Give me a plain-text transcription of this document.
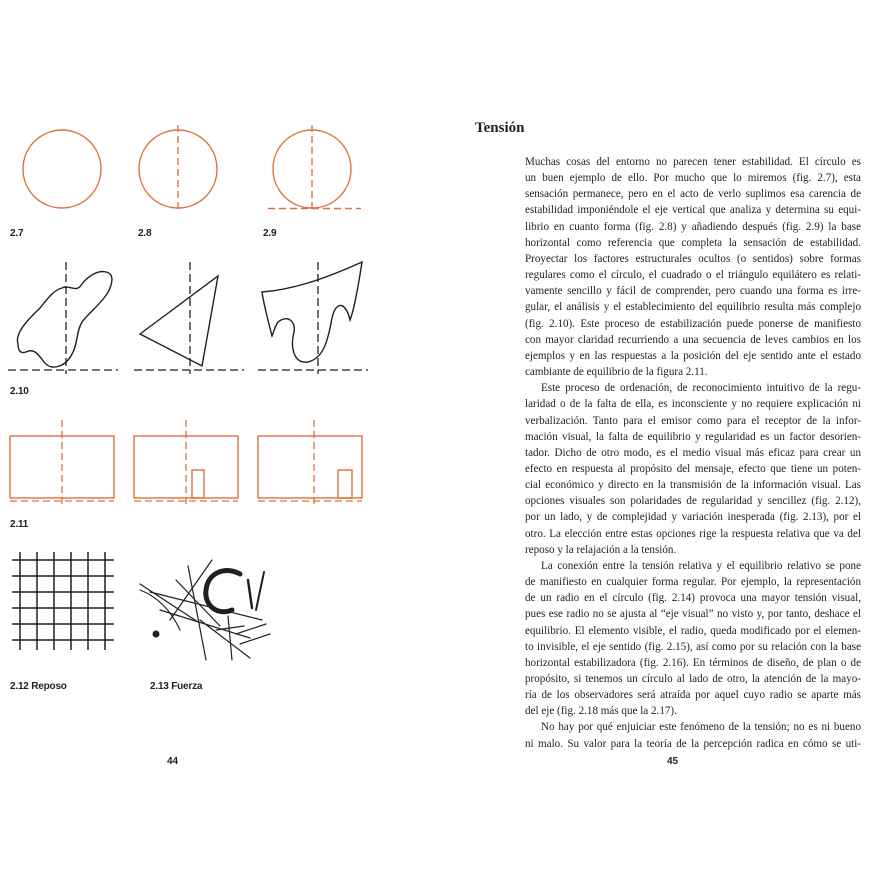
2.7	2.8	2.9
2.10
2.11
2.12 Reposo	2.13 Fuerza
44
Tensión
Muchas cosas del entorno no parecen tener estabilidad. El círculo es
un buen ejemplo de ello. Por mucho que lo miremos (fig. 2.7), esta
sensación permanece, pero en el acto de verlo suplimos esa carencia de
estabilidad imponiéndole el eje vertical que analiza y determina su equi-
librio en cuanto forma (fig. 2.8) y añadiendo después (fig. 2.9) la base
horizontal como referencia que completa la sensación de estabilidad.
Proyectar los factores estructurales ocultos (o sentidos) sobre formas
regulares como el círculo, el cuadrado o el triángulo equilátero es relati-
vamente sencillo y fácil de comprender, pero cuando una forma es irre-
gular, el análisis y el establecimiento del equilibrio resulta más complejo
(fig. 2.10). Este proceso de estabilización puede ponerse de manifiesto
con mayor claridad recurriendo a una secuencia de leves cambios en los
ejemplos y en las respuestas a la posición del eje sentido ante el estado
cambiante de equilibrio de la figura 2.11.
Este proceso de ordenación, de reconocimiento intuitivo de la regu-
laridad o de la falta de ella, es inconsciente y no requiere explicación ni
verbalización. Tanto para el emisor como para el receptor de la infor-
mación visual, la falta de equilibrio y regularidad es un factor desorien-
tador. Dicho de otro modo, es el medio visual más eficaz para crear un
efecto en respuesta al propósito del mensaje, efecto que tiene un poten-
cial económico y directo en la transmisión de la información visual. Las
opciones visuales son polaridades de regularidad y sencillez (fig. 2.12),
por un lado, y de complejidad y variación inesperada (fig. 2.13), por el
otro. La elección entre estas opciones rige la respuesta relativa que va del
reposo y la relajación a la tensión.
La conexión entre la tensión relativa y el equilibrio relativo se pone
de manifiesto en cualquier forma regular. Por ejemplo, la representación
de un radio en el círculo (fig. 2.14) provoca una mayor tensión visual,
pues ese radio no se ajusta al “eje visual” no visto y, por tanto, deshace el
equilibrio. El elemento visible, el radio, queda modificado por el elemen-
to invisible, el eje sentido (fig. 2.15), así como por su relación con la base
horizontal estabilizadora (fig. 2.16). En términos de diseño, de plan o de
propósito, si tenemos un círculo al lado de otro, la atención de la mayo-
ría de los observadores será atraída por aquel cuyo radio se aparte más
del eje (fig. 2.18 más que la 2.17).
No hay por qué enjuiciar este fenómeno de la tensión; no es ni bueno
ni malo. Su valor para la teoría de la percepción radica en cómo se uti-
45
